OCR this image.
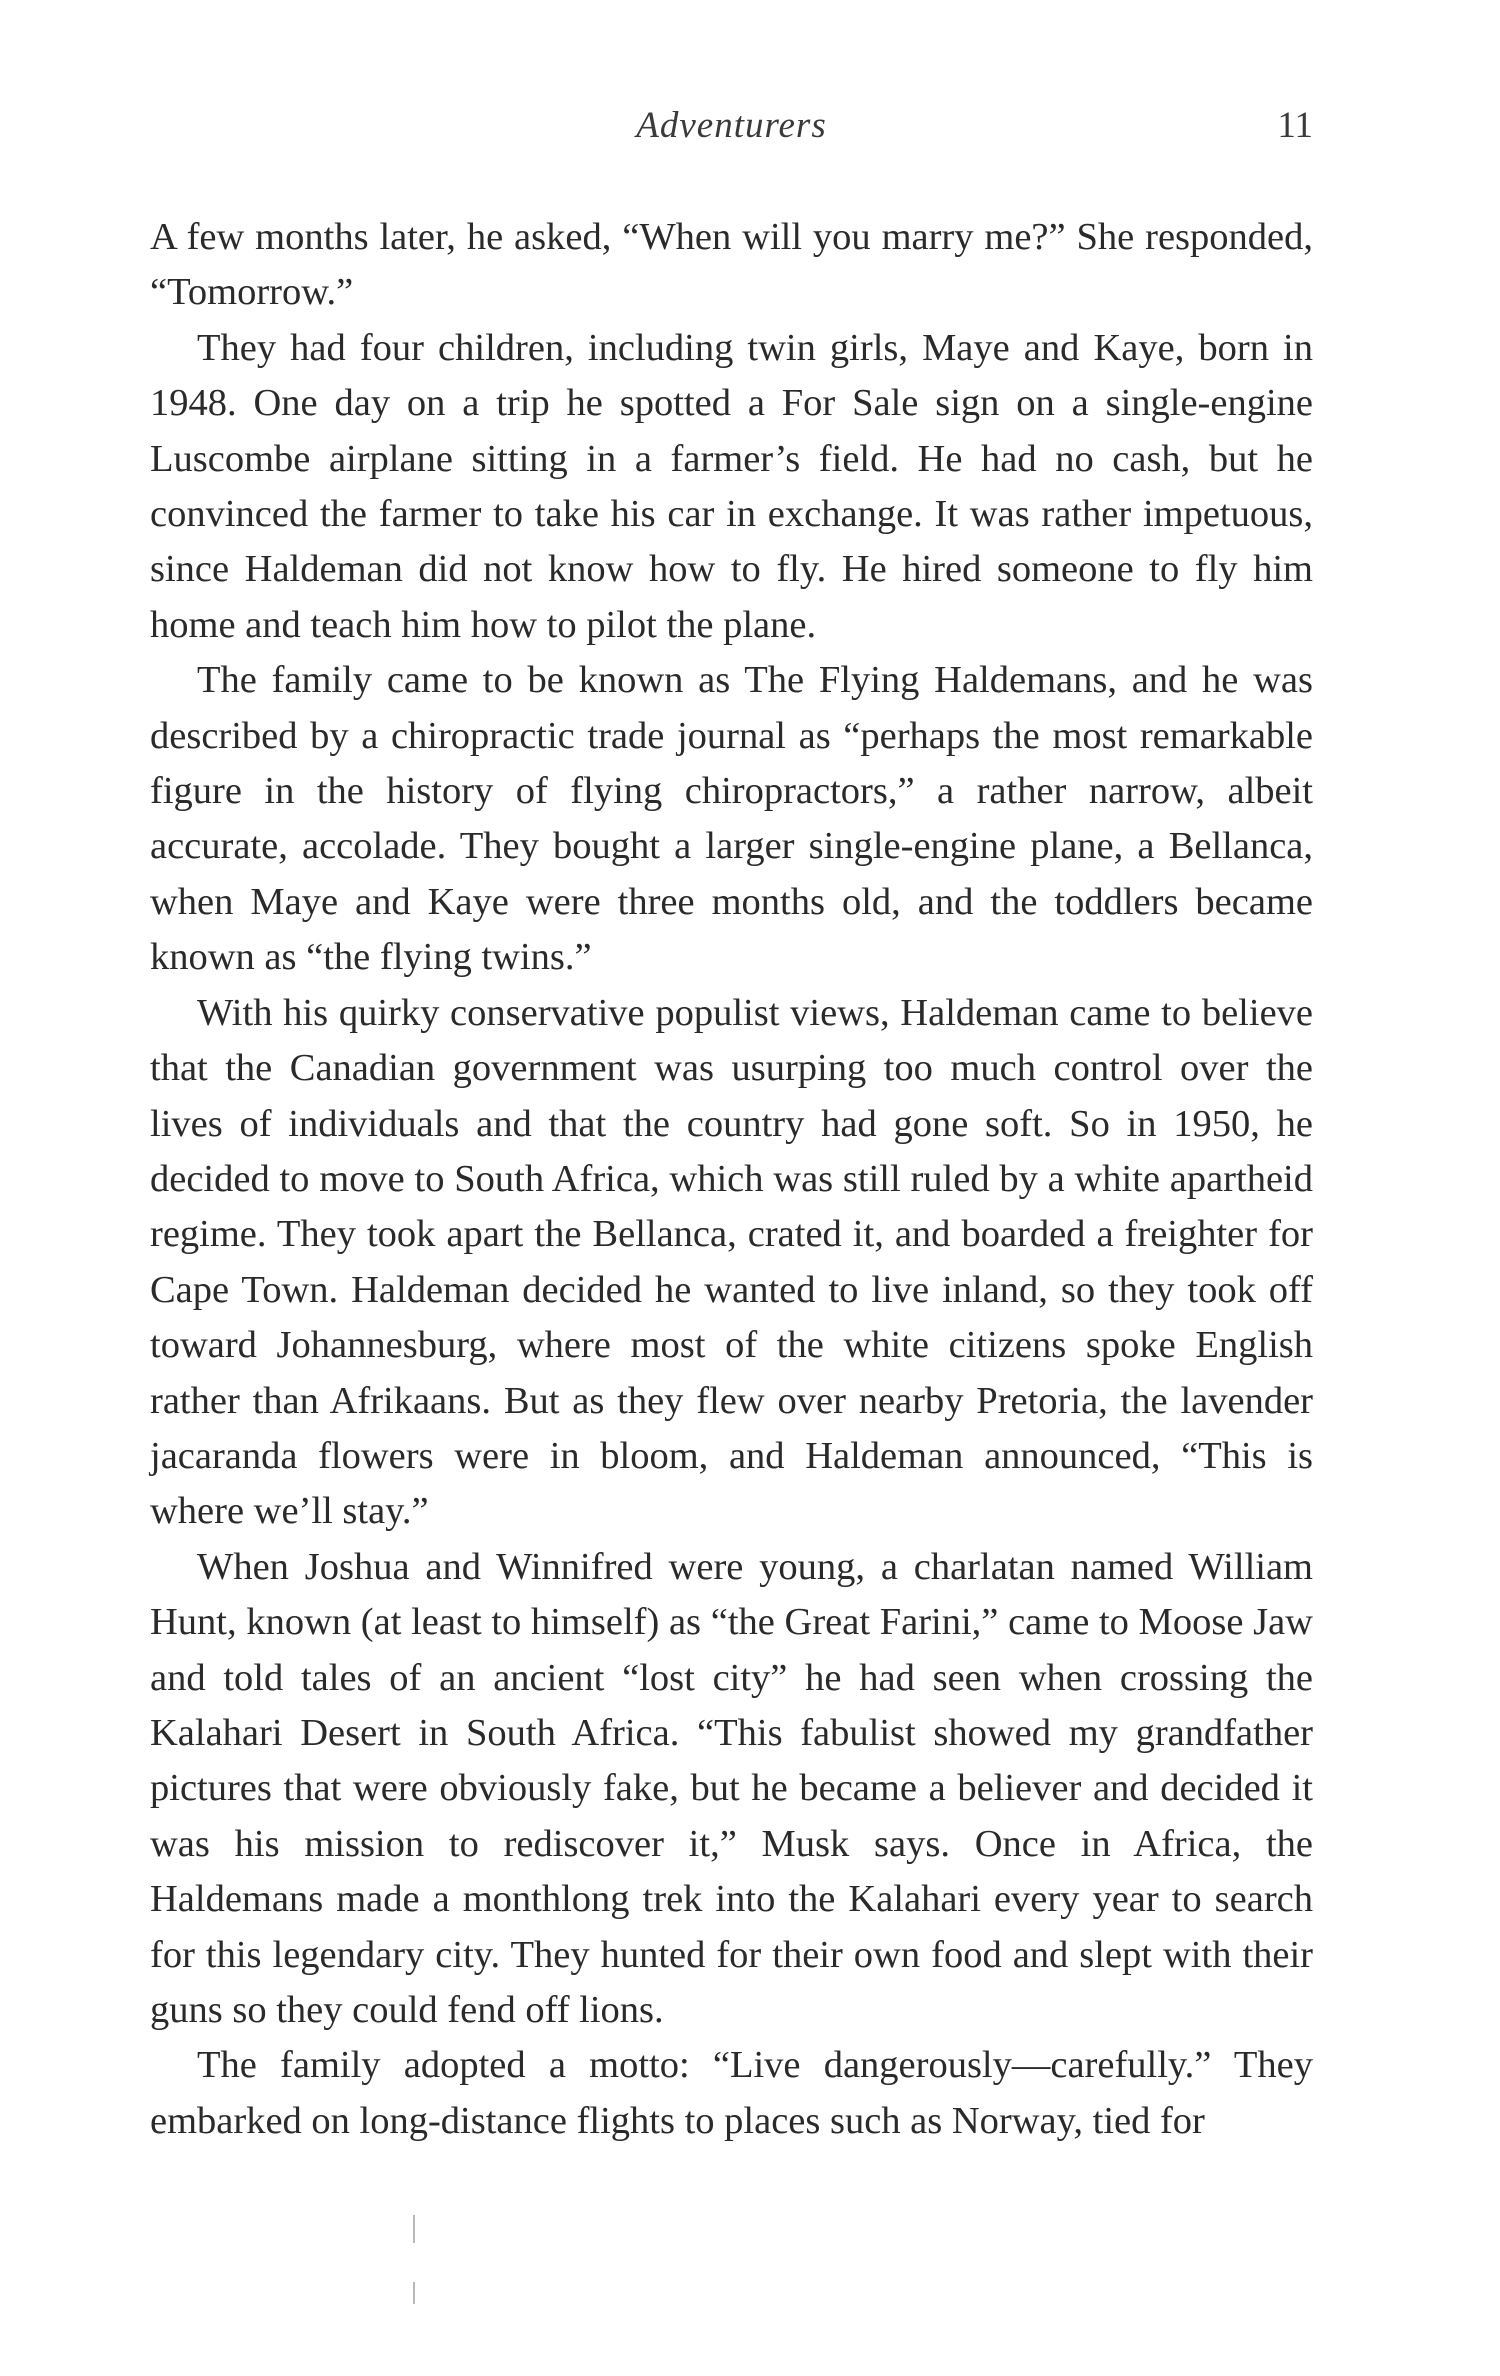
Adventurers	11

A few months later, he asked, “When will you marry me?” She responded, “Tomorrow.”

They had four children, including twin girls, Maye and Kaye, born in 1948. One day on a trip he spotted a For Sale sign on a single-engine Luscombe airplane sitting in a farmer’s field. He had no cash, but he convinced the farmer to take his car in exchange. It was rather impetuous, since Haldeman did not know how to fly. He hired someone to fly him home and teach him how to pilot the plane.

The family came to be known as The Flying Haldemans, and he was described by a chiropractic trade journal as “perhaps the most remarkable figure in the history of flying chiropractors,” a rather narrow, albeit accurate, accolade. They bought a larger single-engine plane, a Bellanca, when Maye and Kaye were three months old, and the toddlers became known as “the flying twins.”

With his quirky conservative populist views, Haldeman came to believe that the Canadian government was usurping too much control over the lives of individuals and that the country had gone soft. So in 1950, he decided to move to South Africa, which was still ruled by a white apartheid regime. They took apart the Bellanca, crated it, and boarded a freighter for Cape Town. Haldeman decided he wanted to live inland, so they took off toward Johannesburg, where most of the white citizens spoke English rather than Afrikaans. But as they flew over nearby Pretoria, the lavender jacaranda flowers were in bloom, and Haldeman announced, “This is where we’ll stay.”

When Joshua and Winnifred were young, a charlatan named William Hunt, known (at least to himself) as “the Great Farini,” came to Moose Jaw and told tales of an ancient “lost city” he had seen when crossing the Kalahari Desert in South Africa. “This fabulist showed my grandfather pictures that were obviously fake, but he became a believer and decided it was his mission to rediscover it,” Musk says. Once in Africa, the Haldemans made a monthlong trek into the Kalahari every year to search for this legendary city. They hunted for their own food and slept with their guns so they could fend off lions.

The family adopted a motto: “Live dangerously—carefully.” They embarked on long-distance flights to places such as Norway, tied for
